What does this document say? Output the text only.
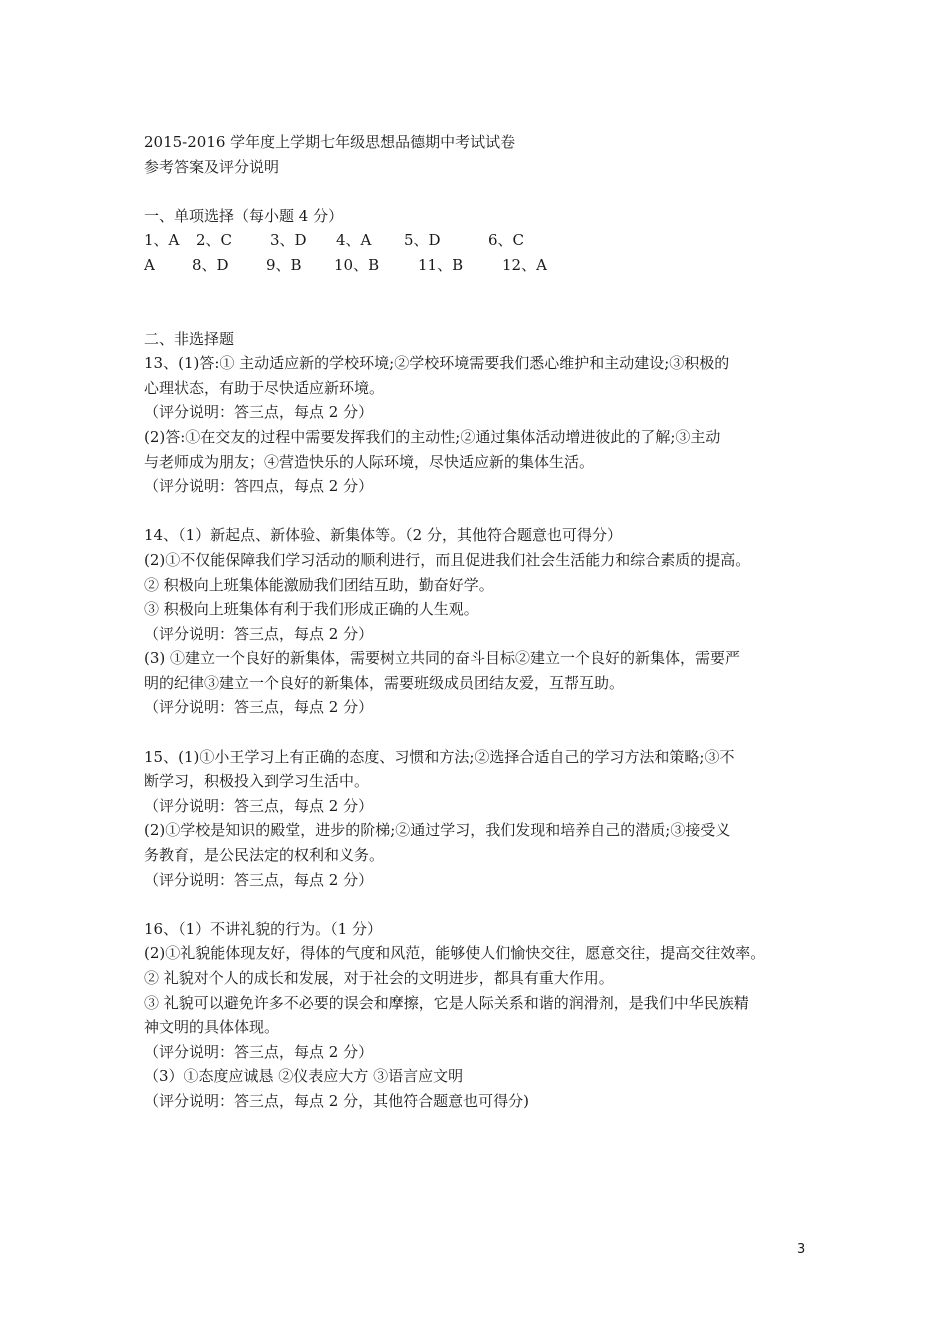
2015-2016 学年度上学期七年级思想品德期中考试试卷
参考答案及评分说明
一、单项选择（每小题 4 分）
1、A	2、C	3、D	4、A	5、D	6、C
A	8、D	9、B	10、B	11、B	12、A
二、非选择题
13、(1)答:① 主动适应新的学校环境;②学校环境需要我们悉心维护和主动建设;③积极的
心理状态，有助于尽快适应新环境。
（评分说明：答三点，每点 2 分）
(2)答:①在交友的过程中需要发挥我们的主动性;②通过集体活动增进彼此的了解;③主动
与老师成为朋友；④营造快乐的人际环境，尽快适应新的集体生活。
（评分说明：答四点，每点 2 分）
14、（1）新起点、新体验、新集体等。（2 分，其他符合题意也可得分）
(2)①不仅能保障我们学习活动的顺利进行，而且促进我们社会生活能力和综合素质的提高。
② 积极向上班集体能激励我们团结互助，勤奋好学。
③ 积极向上班集体有利于我们形成正确的人生观。
（评分说明：答三点，每点 2 分）
(3) ①建立一个良好的新集体，需要树立共同的奋斗目标②建立一个良好的新集体，需要严
明的纪律③建立一个良好的新集体，需要班级成员团结友爱，互帮互助。
（评分说明：答三点，每点 2 分）
15、(1)①小王学习上有正确的态度、习惯和方法;②选择合适自己的学习方法和策略;③不
断学习，积极投入到学习生活中。
（评分说明：答三点，每点 2 分）
(2)①学校是知识的殿堂，进步的阶梯;②通过学习，我们发现和培养自己的潜质;③接受义
务教育，是公民法定的权利和义务。
（评分说明：答三点，每点 2 分）
16、（1）不讲礼貌的行为。（1 分）
(2)①礼貌能体现友好，得体的气度和风范，能够使人们愉快交往，愿意交往，提高交往效率。
② 礼貌对个人的成长和发展，对于社会的文明进步，都具有重大作用。
③ 礼貌可以避免许多不必要的误会和摩擦，它是人际关系和谐的润滑剂，是我们中华民族精
神文明的具体体现。
（评分说明：答三点，每点 2 分）
（3）①态度应诚恳 ②仪表应大方 ③语言应文明
（评分说明：答三点，每点 2 分，其他符合题意也可得分)
3
